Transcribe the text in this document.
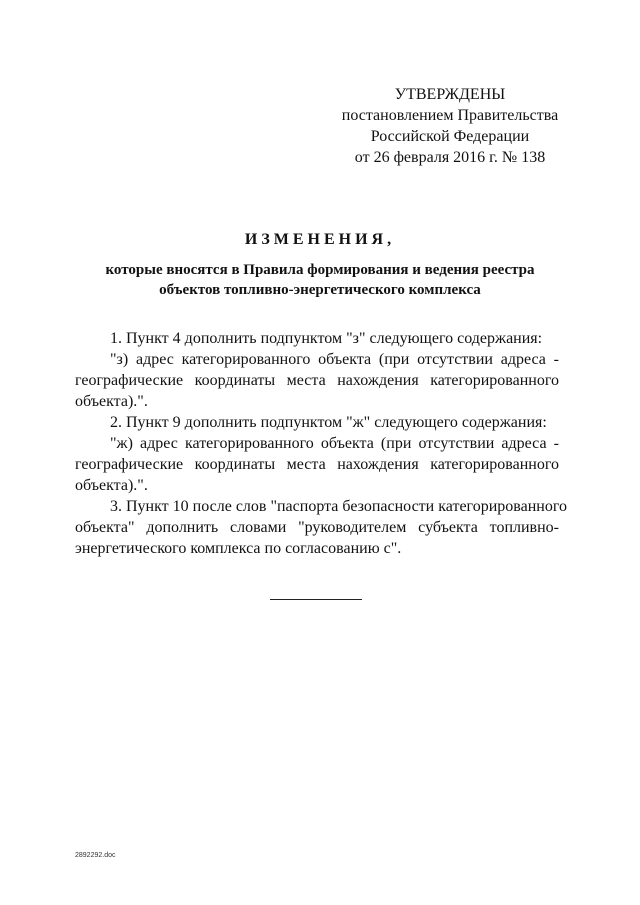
УТВЕРЖДЕНЫ
постановлением Правительства
Российской Федерации
от 26 февраля 2016 г. № 138
ИЗМЕНЕНИЯ,
которые вносятся в Правила формирования и ведения реестра
объектов топливно-энергетического комплекса
1. Пункт 4 дополнить подпунктом "з" следующего содержания:
"з) адрес категорированного объекта (при отсутствии адреса -
географические координаты места нахождения категорированного
объекта).".
2. Пункт 9 дополнить подпунктом "ж" следующего содержания:
"ж) адрес категорированного объекта (при отсутствии адреса -
географические координаты места нахождения категорированного
объекта).".
3. Пункт 10 после слов "паспорта безопасности категорированного
объекта" дополнить словами "руководителем субъекта топливно-
энергетического комплекса по согласованию с".
2892292.doc
